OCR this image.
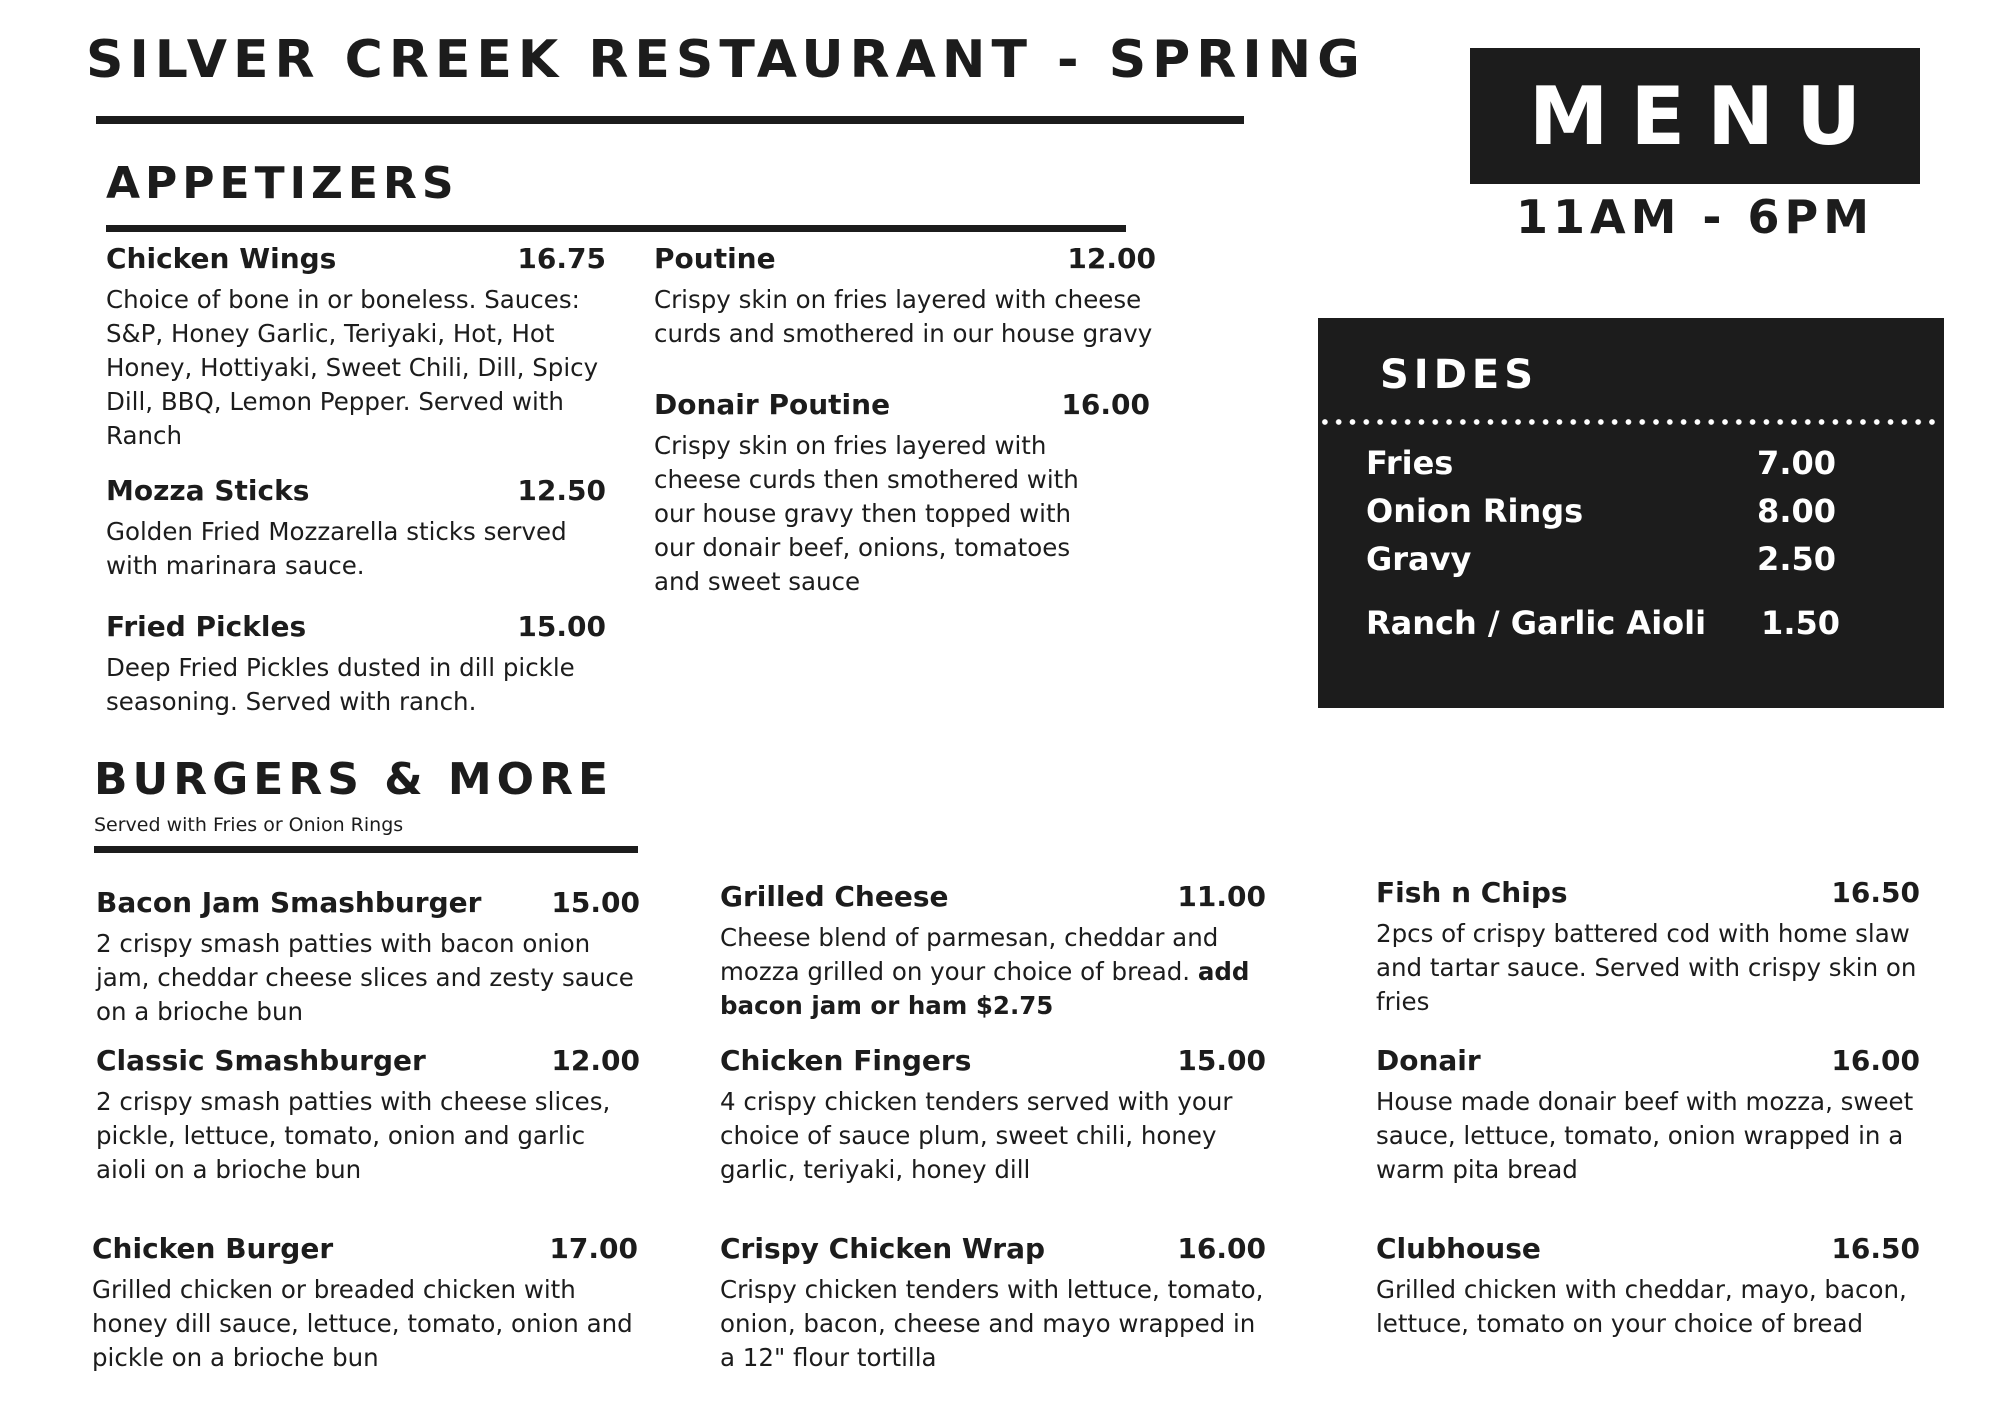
SILVER CREEK RESTAURANT - SPRING
MENU
11AM - 6PM
APPETIZERS
Chicken Wings	16.75
Choice of bone in or boneless. Sauces: S&P, Honey Garlic, Teriyaki, Hot, Hot Honey, Hottiyaki, Sweet Chili, Dill, Spicy Dill, BBQ, Lemon Pepper. Served with Ranch
Mozza Sticks	12.50
Golden Fried Mozzarella sticks served with marinara sauce.
Fried Pickles	15.00
Deep Fried Pickles dusted in dill pickle seasoning. Served with ranch.
Poutine	12.00
Crispy skin on fries layered with cheese curds and smothered in our house gravy
Donair Poutine	16.00
Crispy skin on fries layered with cheese curds then smothered with our house gravy then topped with our donair beef, onions, tomatoes and sweet sauce
SIDES
Fries	7.00
Onion Rings	8.00
Gravy	2.50
Ranch / Garlic Aioli 1.50
BURGERS & MORE
Served with Fries or Onion Rings
Bacon Jam Smashburger 15.00
2 crispy smash patties with bacon onion jam, cheddar cheese slices and zesty sauce on a brioche bun
Classic Smashburger	12.00
2 crispy smash patties with cheese slices, pickle, lettuce, tomato, onion and garlic aioli on a brioche bun
Chicken Burger	17.00
Grilled chicken or breaded chicken with honey dill sauce, lettuce, tomato, onion and pickle on a brioche bun
Grilled Cheese	11.00
Cheese blend of parmesan, cheddar and mozza grilled on your choice of bread. add bacon jam or ham $2.75
Chicken Fingers	15.00
4 crispy chicken tenders served with your choice of sauce plum, sweet chili, honey garlic, teriyaki, honey dill
Crispy Chicken Wrap	16.00
Crispy chicken tenders with lettuce, tomato, onion, bacon, cheese and mayo wrapped in a 12" flour tortilla
Fish n Chips	16.50
2pcs of crispy battered cod with home slaw and tartar sauce. Served with crispy skin on fries
Donair	16.00
House made donair beef with mozza, sweet sauce, lettuce, tomato, onion wrapped in a warm pita bread
Clubhouse	16.50
Grilled chicken with cheddar, mayo, bacon, lettuce, tomato on your choice of bread
